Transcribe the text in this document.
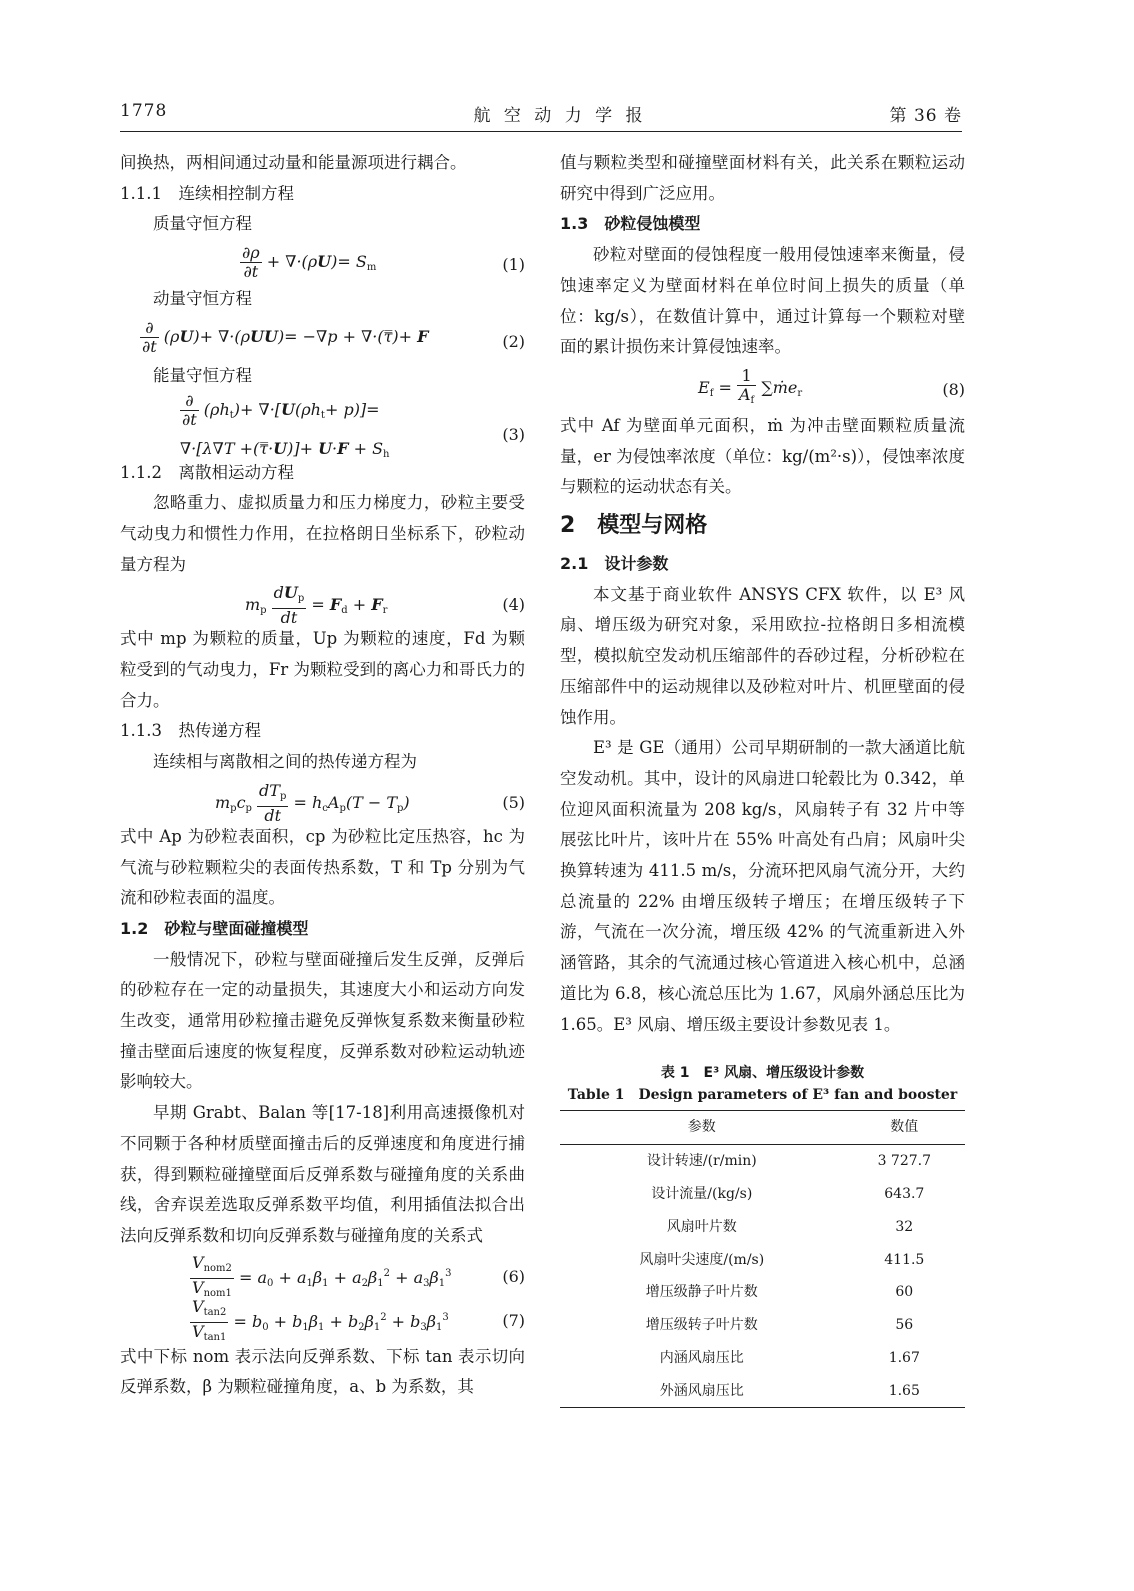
1778	航 空 动 力 学 报	第 36 卷

间换热，两相间通过动量和能量源项进行耦合。

1.1.1　连续相控制方程

质量守恒方程

$\frac{\partial\rho}{\partial t} + \nabla\cdot(\rho U)= S_m$	(1)

动量守恒方程

$\frac{\partial}{\partial t} (\rho U)+ \nabla\cdot(\rho UU)= -\nabla p$ + ∇·(τ̿)+ F	(2)

能量守恒方程

$\frac{\partial}{\partial t} (\rho h_t)+ \nabla\cdot[U(\rho h_t+ p)]=$
∇·[λ∇T +(τ̿·U)]+ $U\cdot F + S_h$
(3)

1.1.2　离散相运动方程

忽略重力、虚拟质量力和压力梯度力，砂粒主要受气动曳力和惯性力作用，在拉格朗日坐标系下，砂粒动量方程为

$m_p \frac{dU_p}{dt} = F_d + F_r$	(4)

式中 mp 为颗粒的质量，Up 为颗粒的速度，Fd 为颗粒受到的气动曳力，Fr 为颗粒受到的离心力和哥氏力的合力。

1.1.3　热传递方程

连续相与离散相之间的热传递方程为

$m_pc_p \frac{dT_p}{dt} = h_cA_p(T - T_p)$	(5)

式中 Ap 为砂粒表面积，cp 为砂粒比定压热容，hc 为气流与砂粒颗粒尖的表面传热系数，T 和 Tp 分别为气流和砂粒表面的温度。

1.2　砂粒与壁面碰撞模型

一般情况下，砂粒与壁面碰撞后发生反弹，反弹后的砂粒存在一定的动量损失，其速度大小和运动方向发生改变，通常用砂粒撞击避免反弹恢复系数来衡量砂粒撞击壁面后速度的恢复程度，反弹系数对砂粒运动轨迹影响较大。

早期 Grabt、Balan 等[17-18]利用高速摄像机对不同颗于各种材质壁面撞击后的反弹速度和角度进行捕获，得到颗粒碰撞壁面后反弹系数与碰撞角度的关系曲线，舍弃误差选取反弹系数平均值，利用插值法拟合出法向反弹系数和切向反弹系数与碰撞角度的关系式

$\frac{V_{nom2}}{V_{nom1}} = a_0 + a_1\beta_1 + a_2\beta_1^2 + a_3\beta_1^3$	(6)
$\frac{V_{tan2}}{V_{tan1}} = b_0 + b_1\beta_1 + b_2\beta_1^2 + b_3\beta_1^3$	(7)

式中下标 nom 表示法向反弹系数、下标 tan 表示切向反弹系数，β 为颗粒碰撞角度，a、b 为系数，其

值与颗粒类型和碰撞壁面材料有关，此关系在颗粒运动研究中得到广泛应用。

1.3　砂粒侵蚀模型

砂粒对壁面的侵蚀程度一般用侵蚀速率来衡量，侵蚀速率定义为壁面材料在单位时间上损失的质量（单位：kg/s），在数值计算中，通过计算每一个颗粒对壁面的累计损伤来计算侵蚀速率。

$E_f = \frac{1}{A_f}$ ∑ṁe$_r$	(8)

式中 Af 为壁面单元面积，ṁ 为冲击壁面颗粒质量流量，er 为侵蚀率浓度（单位：kg/(m²·s)），侵蚀率浓度与颗粒的运动状态有关。

2　模型与网格

2.1　设计参数

本文基于商业软件 ANSYS CFX 软件，以 E³ 风扇、增压级为研究对象，采用欧拉-拉格朗日多相流模型，模拟航空发动机压缩部件的吞砂过程，分析砂粒在压缩部件中的运动规律以及砂粒对叶片、机匣壁面的侵蚀作用。

E³ 是 GE（通用）公司早期研制的一款大涵道比航空发动机。其中，设计的风扇进口轮毂比为 0.342，单位迎风面积流量为 208 kg/s，风扇转子有 32 片中等展弦比叶片，该叶片在 55% 叶高处有凸肩；风扇叶尖换算转速为 411.5 m/s，分流环把风扇气流分开，大约总流量的 22% 由增压级转子增压；在增压级转子下游，气流在一次分流，增压级 42% 的气流重新进入外涵管路，其余的气流通过核心管道进入核心机中，总涵道比为 6.8，核心流总压比为 1.67，风扇外涵总压比为 1.65。E³ 风扇、增压级主要设计参数见表 1。

表 1　E³ 风扇、增压级设计参数
Table 1　Design parameters of E³ fan and booster
参数	数值
设计转速/(r/min)	3 727.7
设计流量/(kg/s)	643.7
风扇叶片数	32
风扇叶尖速度/(m/s)	411.5
增压级静子叶片数	60
增压级转子叶片数	56
内涵风扇压比	1.67
外涵风扇压比	1.65
